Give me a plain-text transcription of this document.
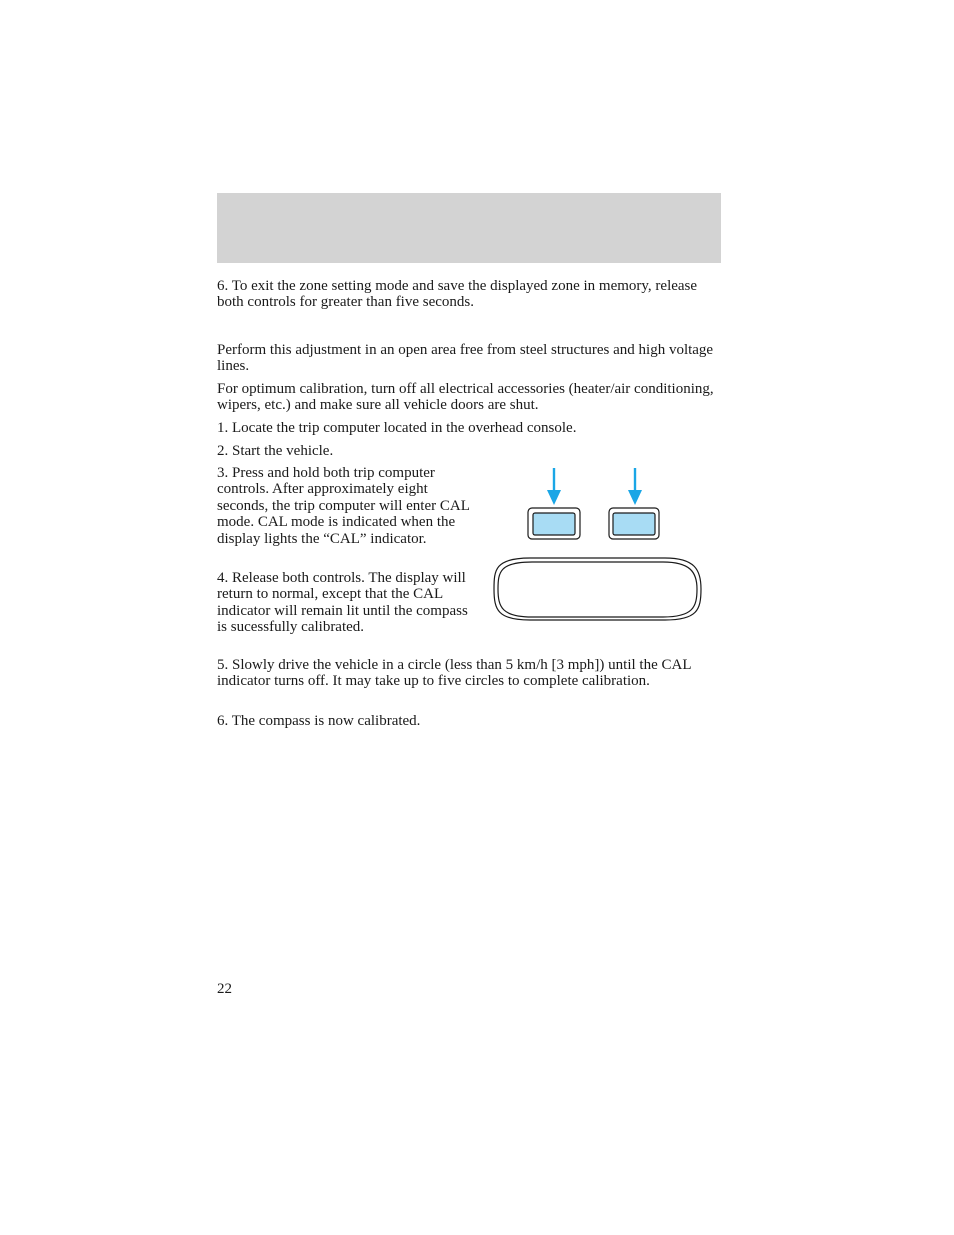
6. To exit the zone setting mode and save the displayed zone in memory, release both controls for greater than five seconds.

Perform this adjustment in an open area free from steel structures and high voltage lines.

For optimum calibration, turn off all electrical accessories (heater/air conditioning, wipers, etc.) and make sure all vehicle doors are shut.

1. Locate the trip computer located in the overhead console.

2. Start the vehicle.

3. Press and hold both trip computer controls. After approximately eight seconds, the trip computer will enter CAL mode. CAL mode is indicated when the display lights the “CAL” indicator.

4. Release both controls. The display will return to normal, except that the CAL indicator will remain lit until the compass is sucessfully calibrated.

5. Slowly drive the vehicle in a circle (less than 5 km/h [3 mph]) until the CAL indicator turns off. It may take up to five circles to complete calibration.

6. The compass is now calibrated.

22
